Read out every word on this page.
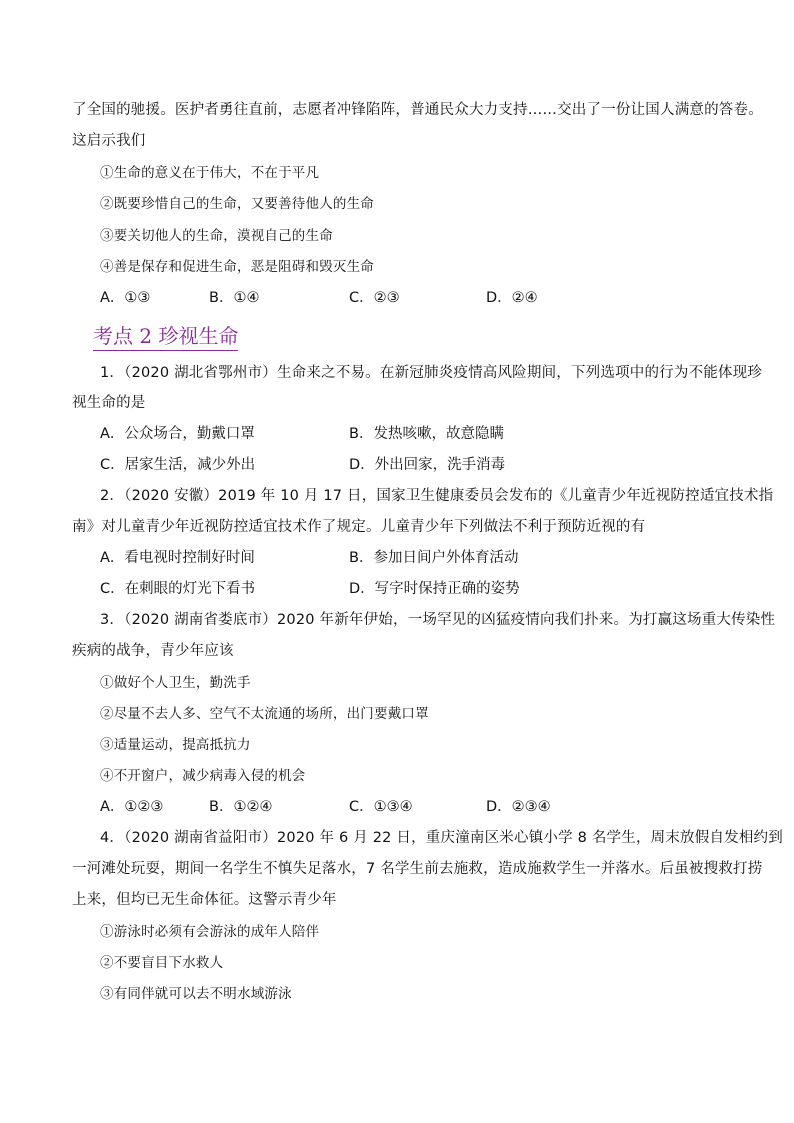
了全国的驰援。医护者勇往直前，志愿者冲锋陷阵，普通民众大力支持……交出了一份让国人满意的答卷。
这启示我们
①生命的意义在于伟大，不在于平凡
②既要珍惜自己的生命，又要善待他人的生命
③要关切他人的生命，漠视自己的生命
④善是保存和促进生命，恶是阻碍和毁灭生命
A．①③	B．①④	C．②③	D．②④
考点 2 珍视生命
1．（2020 湖北省鄂州市）生命来之不易。在新冠肺炎疫情高风险期间，下列选项中的行为不能体现珍
视生命的是
A．公众场合，勤戴口罩	B．发热咳嗽，故意隐瞒
C．居家生活，减少外出	D．外出回家，洗手消毒
2．（2020 安徽）2019 年 10 月 17 日，国家卫生健康委员会发布的《儿童青少年近视防控适宜技术指
南》对儿童青少年近视防控适宜技术作了规定。儿童青少年下列做法不利于预防近视的有
A．看电视时控制好时间	B．参加日间户外体育活动
C．在刺眼的灯光下看书	D．写字时保持正确的姿势
3．（2020 湖南省娄底市）2020 年新年伊始，一场罕见的凶猛疫情向我们扑来。为打赢这场重大传染性
疾病的战争，青少年应该
①做好个人卫生，勤洗手
②尽量不去人多、空气不太流通的场所，出门要戴口罩
③适量运动，提高抵抗力
④不开窗户，减少病毒入侵的机会
A．①②③	B．①②④	C．①③④	D．②③④
4．（2020 湖南省益阳市）2020 年 6 月 22 日，重庆潼南区米心镇小学 8 名学生，周末放假自发相约到
一河滩处玩耍，期间一名学生不慎失足落水，7 名学生前去施救，造成施救学生一并落水。后虽被搜救打捞
上来，但均已无生命体征。这警示青少年
①游泳时必须有会游泳的成年人陪伴
②不要盲目下水救人
③有同伴就可以去不明水域游泳
